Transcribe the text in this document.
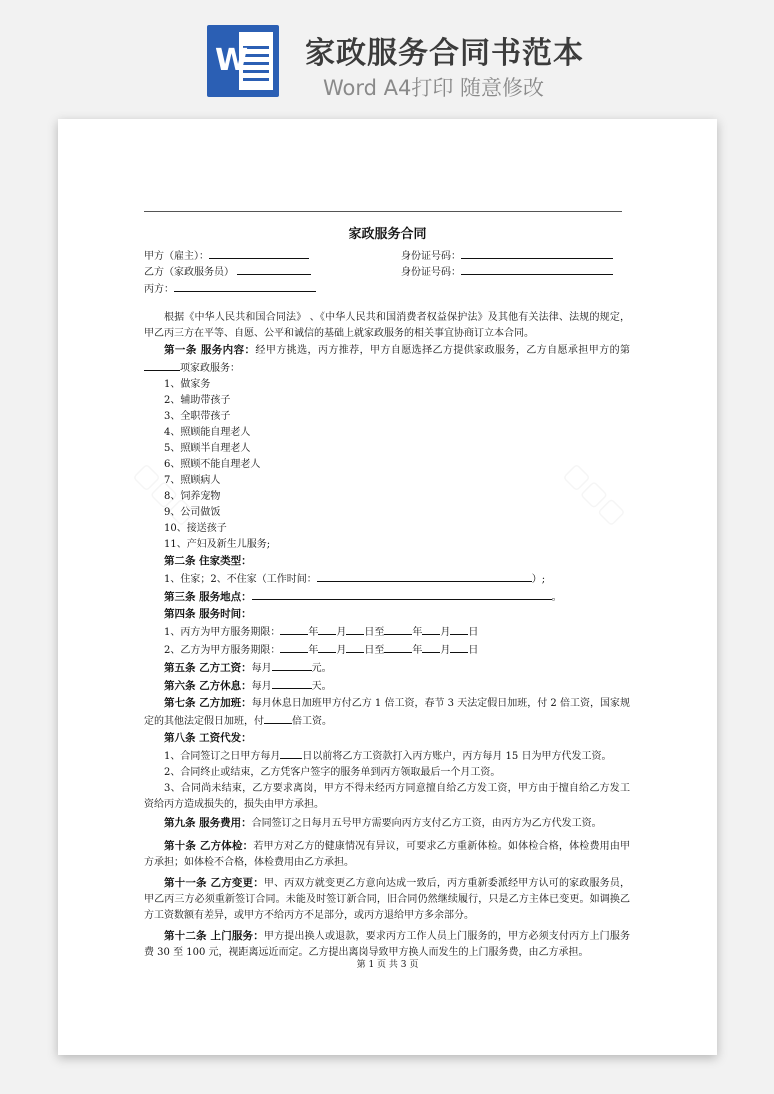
W 家政服务合同书范本
Word A4打印 随意修改
家政服务合同
甲方（雇主）：	身份证号码：
乙方（家政服务员）	身份证号码：
丙方：

根据《中华人民共和国合同法》 、《中华人民共和国消费者权益保护法》及其他有关法律、法规的规定，甲乙丙三方在平等、自愿、公平和诚信的基础上就家政服务的相关事宜协商订立本合同。

第一条 服务内容：经甲方挑选，丙方推荐，甲方自愿选择乙方提供家政服务，乙方自愿承担甲方的第项家政服务：

1、做家务
2、辅助带孩子
3、全职带孩子
4、照顾能自理老人
5、照顾半自理老人
6、照顾不能自理老人
7、照顾病人
8、饲养宠物
9、公司做饭
10、接送孩子
11、产妇及新生儿服务;

第二条 住家类型：

1、住家；2、不住家（工作时间：	）;

第三条 服务地点：	。

第四条 服务时间：

1、丙方为甲方服务期限：	年 月 日至	年 月 日

2、乙方为甲方服务期限：	年 月 日至	年 月 日

第五条 乙方工资：每月	元。

第六条 乙方休息：每月	天。

第七条 乙方加班：每月休息日加班甲方付乙方 1 倍工资，春节 3 天法定假日加班，付 2 倍工资，国家规定的其他法定假日加班，付	倍工资。

第八条 工资代发：

1、合同签订之日甲方每月 日以前将乙方工资款打入丙方账户，丙方每月 15 日为甲方代发工资。

2、合同终止或结束，乙方凭客户签字的服务单到丙方领取最后一个月工资。

3、合同尚未结束，乙方要求离岗，甲方不得未经丙方同意擅自给乙方发工资，甲方由于擅自给乙方发工资给丙方造成损失的，损失由甲方承担。

第九条 服务费用：合同签订之日每月五号甲方需要向丙方支付乙方工资，由丙方为乙方代发工资。

第十条 乙方体检：若甲方对乙方的健康情况有异议，可要求乙方重新体检。如体检合格，体检费用由甲方承担；如体检不合格，体检费用由乙方承担。

第十一条 乙方变更：甲、丙双方就变更乙方意向达成一致后，丙方重新委派经甲方认可的家政服务员，甲乙丙三方必须重新签订合同。未能及时签订新合同，旧合同仍然继续履行，只是乙方主体已变更。如调换乙方工资数额有差异，或甲方不给丙方不足部分，或丙方退给甲方多余部分。

第十二条 上门服务：甲方提出换人或退款，要求丙方工作人员上门服务的，甲方必须支付丙方上门服务费 30 至 100 元，视距离远近而定。乙方提出离岗导致甲方换人而发生的上门服务费，由乙方承担。

第 1 页 共 3 页
